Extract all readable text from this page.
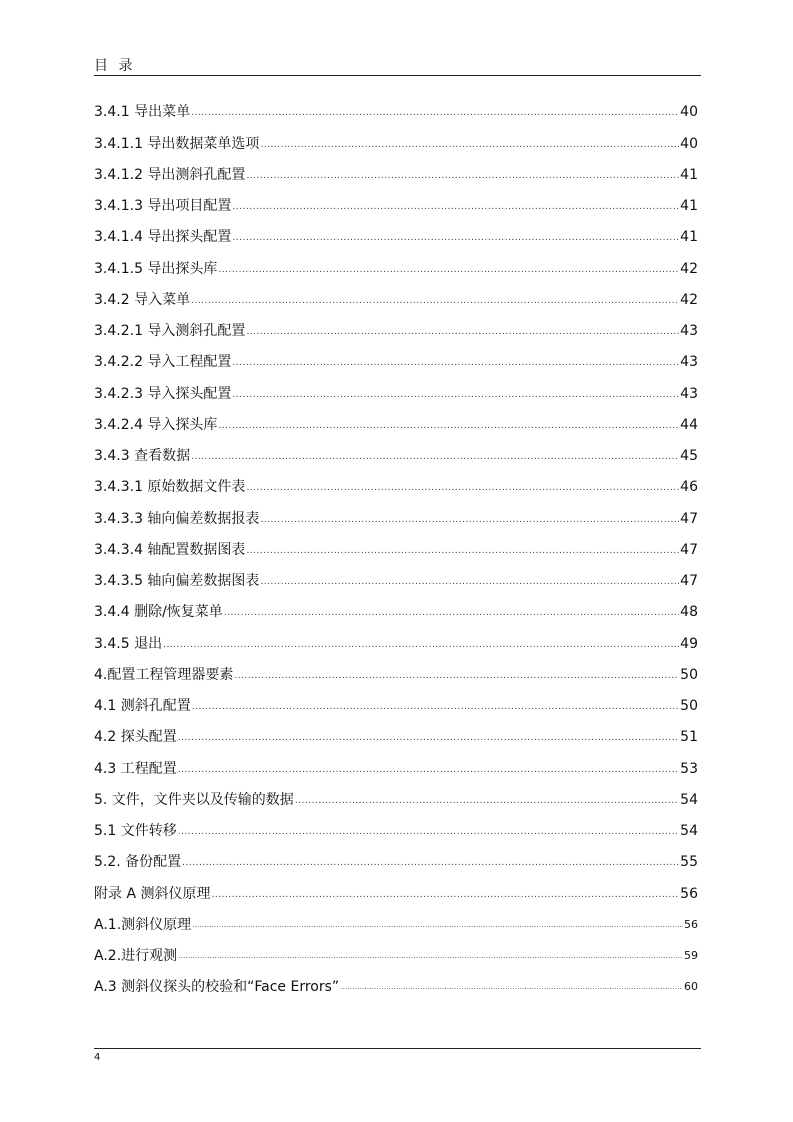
目 录
3.4.1 导出菜单 .....	40
3.4.1.1 导出数据菜单选项 .....	40
3.4.1.2 导出测斜孔配置 .....	41
3.4.1.3 导出项目配置 .....	41
3.4.1.4 导出探头配置 .....	41
3.4.1.5 导出探头库 .....	42
3.4.2 导入菜单 .....	42
3.4.2.1 导入测斜孔配置 .....	43
3.4.2.2 导入工程配置 .....	43
3.4.2.3 导入探头配置 .....	43
3.4.2.4 导入探头库 .....	44
3.4.3 查看数据 .....	45
3.4.3.1 原始数据文件表 .....	46
3.4.3.3 轴向偏差数据报表 .....	47
3.4.3.4 轴配置数据图表 .....	47
3.4.3.5 轴向偏差数据图表 .....	47
3.4.4 删除/恢复菜单 .....	48
3.4.5 退出 .....	49
4.配置工程管理器要素 .....	50
4.1 测斜孔配置 .....	50
4.2 探头配置 .....	51
4.3 工程配置 .....	53
5. 文件，文件夹以及传输的数据 .....	54
5.1 文件转移 .....	54
5.2. 备份配置 .....	55
附录 A 测斜仪原理 .....	56
A.1.测斜仪原理 .....	56
A.2.进行观测 .....	59
A.3 测斜仪探头的校验和“Face Errors” .....	60
4
